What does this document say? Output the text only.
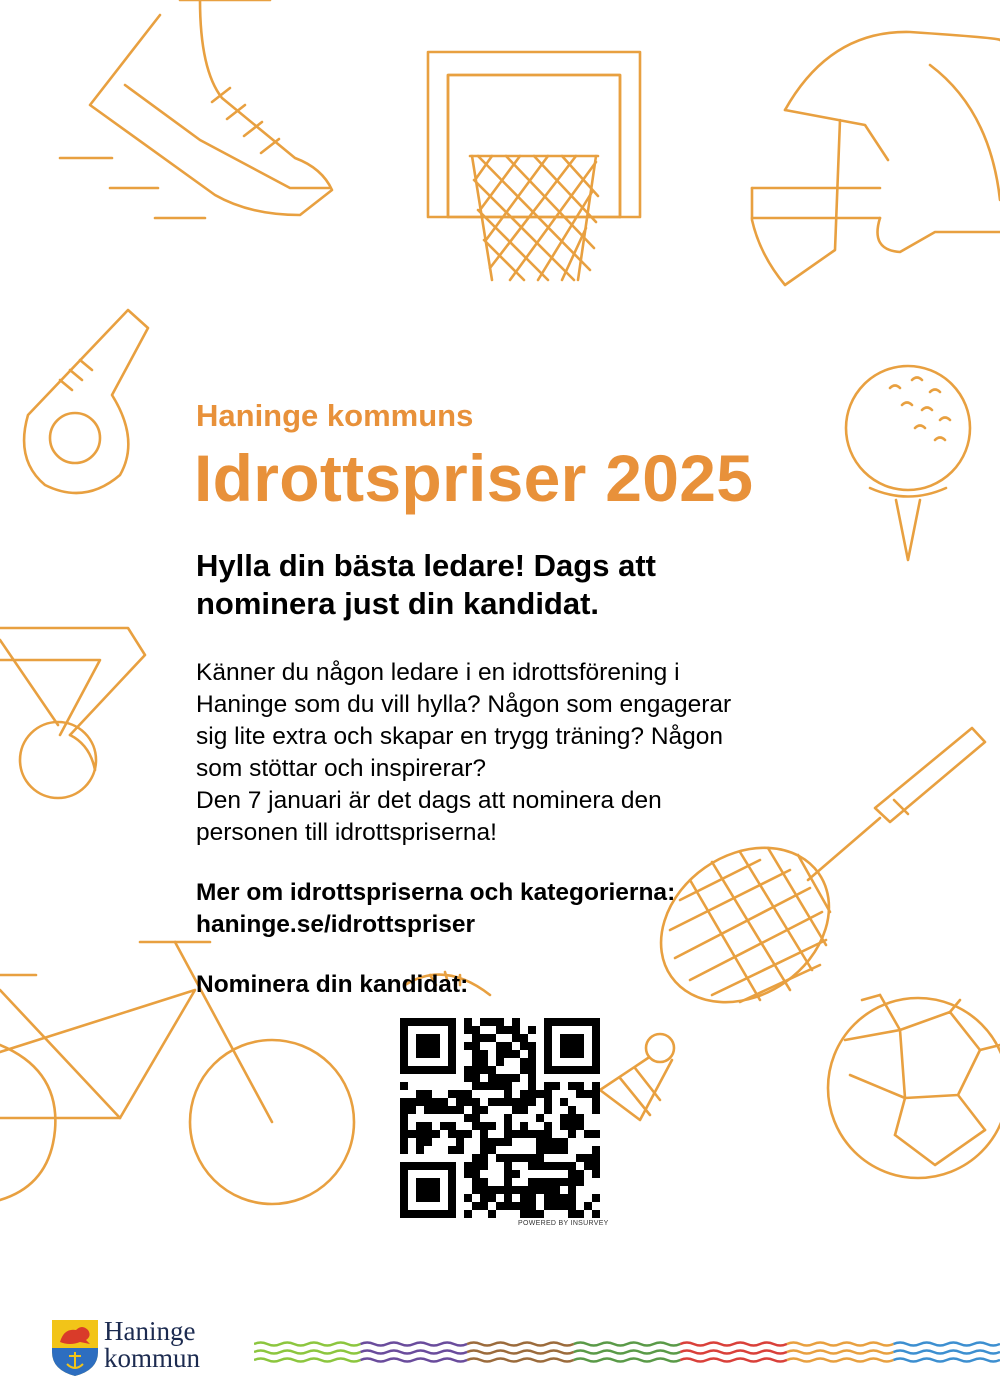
Haninge kommuns
Idrottspriser 2025

Hylla din bästa ledare! Dags att
nominera just din kandidat.

Känner du någon ledare i en idrottsförening i
Haninge som du vill hylla? Någon som engagerar
sig lite extra och skapar en trygg träning? Någon
som stöttar och inspirerar?
Den 7 januari är det dags att nominera den
personen till idrottspriserna!

Mer om idrottspriserna och kategorierna:
haninge.se/idrottspriser

Nominera din kandidat:

POWERED BY INSURVEY
Haninge
kommun
